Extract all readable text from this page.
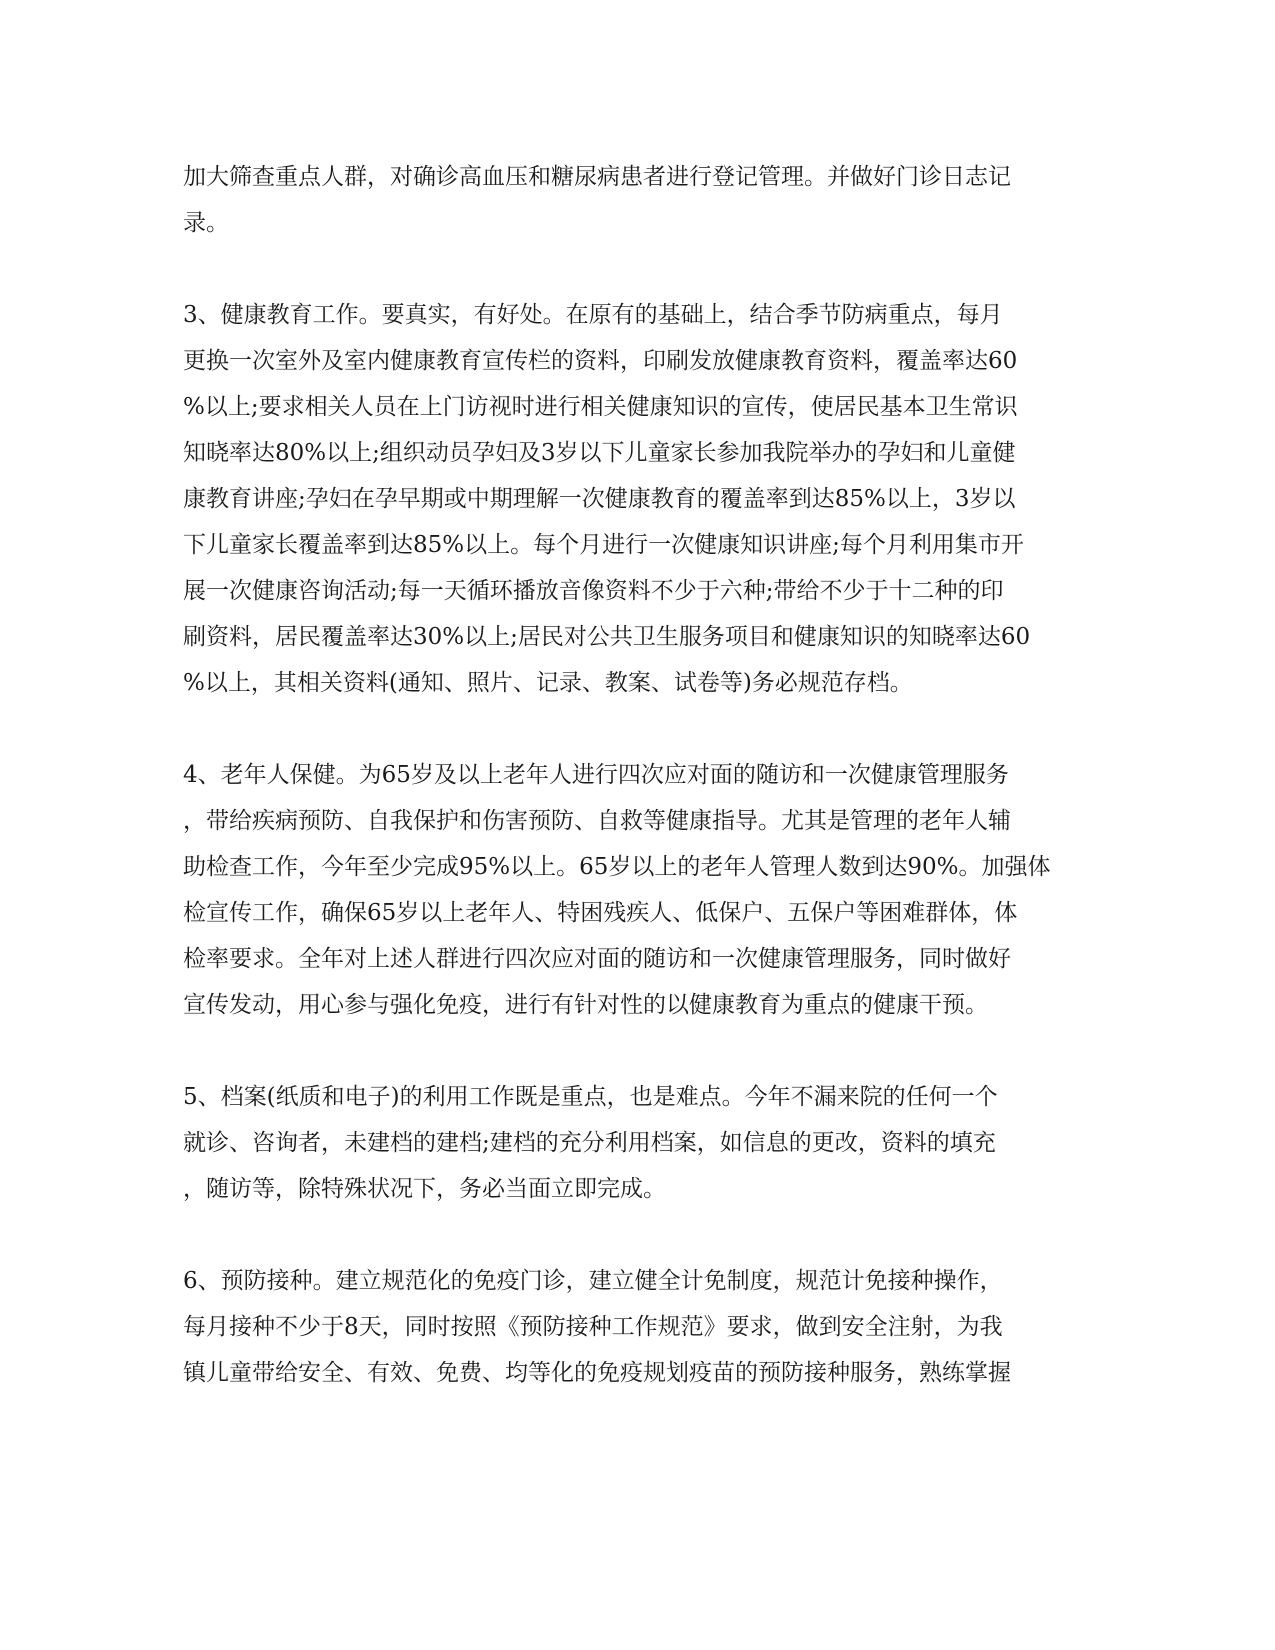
加大筛查重点人群，对确诊高血压和糖尿病患者进行登记管理。并做好门诊日志记
录。
3、健康教育工作。要真实，有好处。在原有的基础上，结合季节防病重点，每月
更换一次室外及室内健康教育宣传栏的资料，印刷发放健康教育资料，覆盖率达60
%以上;要求相关人员在上门访视时进行相关健康知识的宣传，使居民基本卫生常识
知晓率达80%以上;组织动员孕妇及3岁以下儿童家长参加我院举办的孕妇和儿童健
康教育讲座;孕妇在孕早期或中期理解一次健康教育的覆盖率到达85%以上，3岁以
下儿童家长覆盖率到达85%以上。每个月进行一次健康知识讲座;每个月利用集市开
展一次健康咨询活动;每一天循环播放音像资料不少于六种;带给不少于十二种的印
刷资料，居民覆盖率达30%以上;居民对公共卫生服务项目和健康知识的知晓率达60
%以上，其相关资料(通知、照片、记录、教案、试卷等)务必规范存档。
4、老年人保健。为65岁及以上老年人进行四次应对面的随访和一次健康管理服务
，带给疾病预防、自我保护和伤害预防、自救等健康指导。尤其是管理的老年人辅
助检查工作，今年至少完成95%以上。65岁以上的老年人管理人数到达90%。加强体
检宣传工作，确保65岁以上老年人、特困残疾人、低保户、五保户等困难群体，体
检率要求。全年对上述人群进行四次应对面的随访和一次健康管理服务，同时做好
宣传发动，用心参与强化免疫，进行有针对性的以健康教育为重点的健康干预。
5、档案(纸质和电子)的利用工作既是重点，也是难点。今年不漏来院的任何一个
就诊、咨询者，未建档的建档;建档的充分利用档案，如信息的更改，资料的填充
，随访等，除特殊状况下，务必当面立即完成。
6、预防接种。建立规范化的免疫门诊，建立健全计免制度，规范计免接种操作，
每月接种不少于8天，同时按照《预防接种工作规范》要求，做到安全注射，为我
镇儿童带给安全、有效、免费、均等化的免疫规划疫苗的预防接种服务，熟练掌握
